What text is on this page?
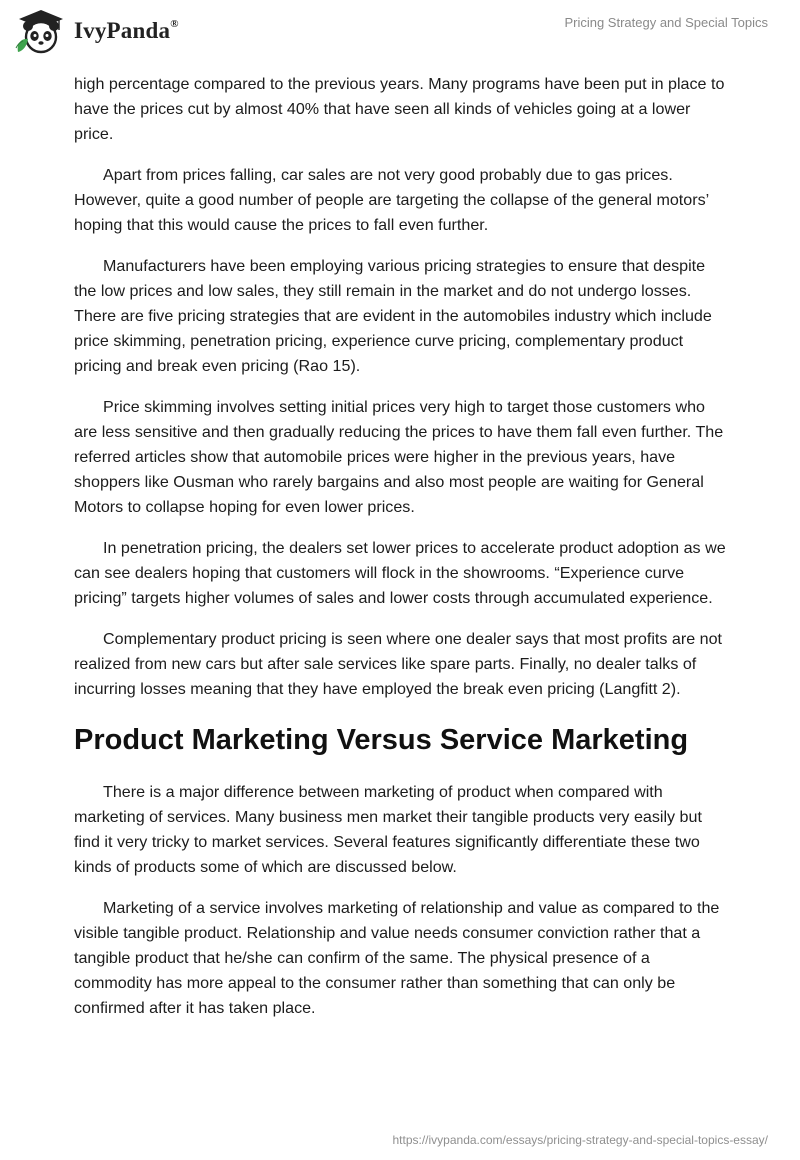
IvyPanda®	Pricing Strategy and Special Topics

high percentage compared to the previous years. Many programs have been put in place to have the prices cut by almost 40% that have seen all kinds of vehicles going at a lower price.

Apart from prices falling, car sales are not very good probably due to gas prices. However, quite a good number of people are targeting the collapse of the general motors’ hoping that this would cause the prices to fall even further.

Manufacturers have been employing various pricing strategies to ensure that despite the low prices and low sales, they still remain in the market and do not undergo losses. There are five pricing strategies that are evident in the automobiles industry which include price skimming, penetration pricing, experience curve pricing, complementary product pricing and break even pricing (Rao 15).

Price skimming involves setting initial prices very high to target those customers who are less sensitive and then gradually reducing the prices to have them fall even further. The referred articles show that automobile prices were higher in the previous years, have shoppers like Ousman who rarely bargains and also most people are waiting for General Motors to collapse hoping for even lower prices.

In penetration pricing, the dealers set lower prices to accelerate product adoption as we can see dealers hoping that customers will flock in the showrooms. “Experience curve pricing” targets higher volumes of sales and lower costs through accumulated experience.

Complementary product pricing is seen where one dealer says that most profits are not realized from new cars but after sale services like spare parts. Finally, no dealer talks of incurring losses meaning that they have employed the break even pricing (Langfitt 2).

Product Marketing Versus Service Marketing

There is a major difference between marketing of product when compared with marketing of services. Many business men market their tangible products very easily but find it very tricky to market services. Several features significantly differentiate these two kinds of products some of which are discussed below.

Marketing of a service involves marketing of relationship and value as compared to the visible tangible product. Relationship and value needs consumer conviction rather that a tangible product that he/she can confirm of the same. The physical presence of a commodity has more appeal to the consumer rather than something that can only be confirmed after it has taken place.

https://ivypanda.com/essays/pricing-strategy-and-special-topics-essay/
